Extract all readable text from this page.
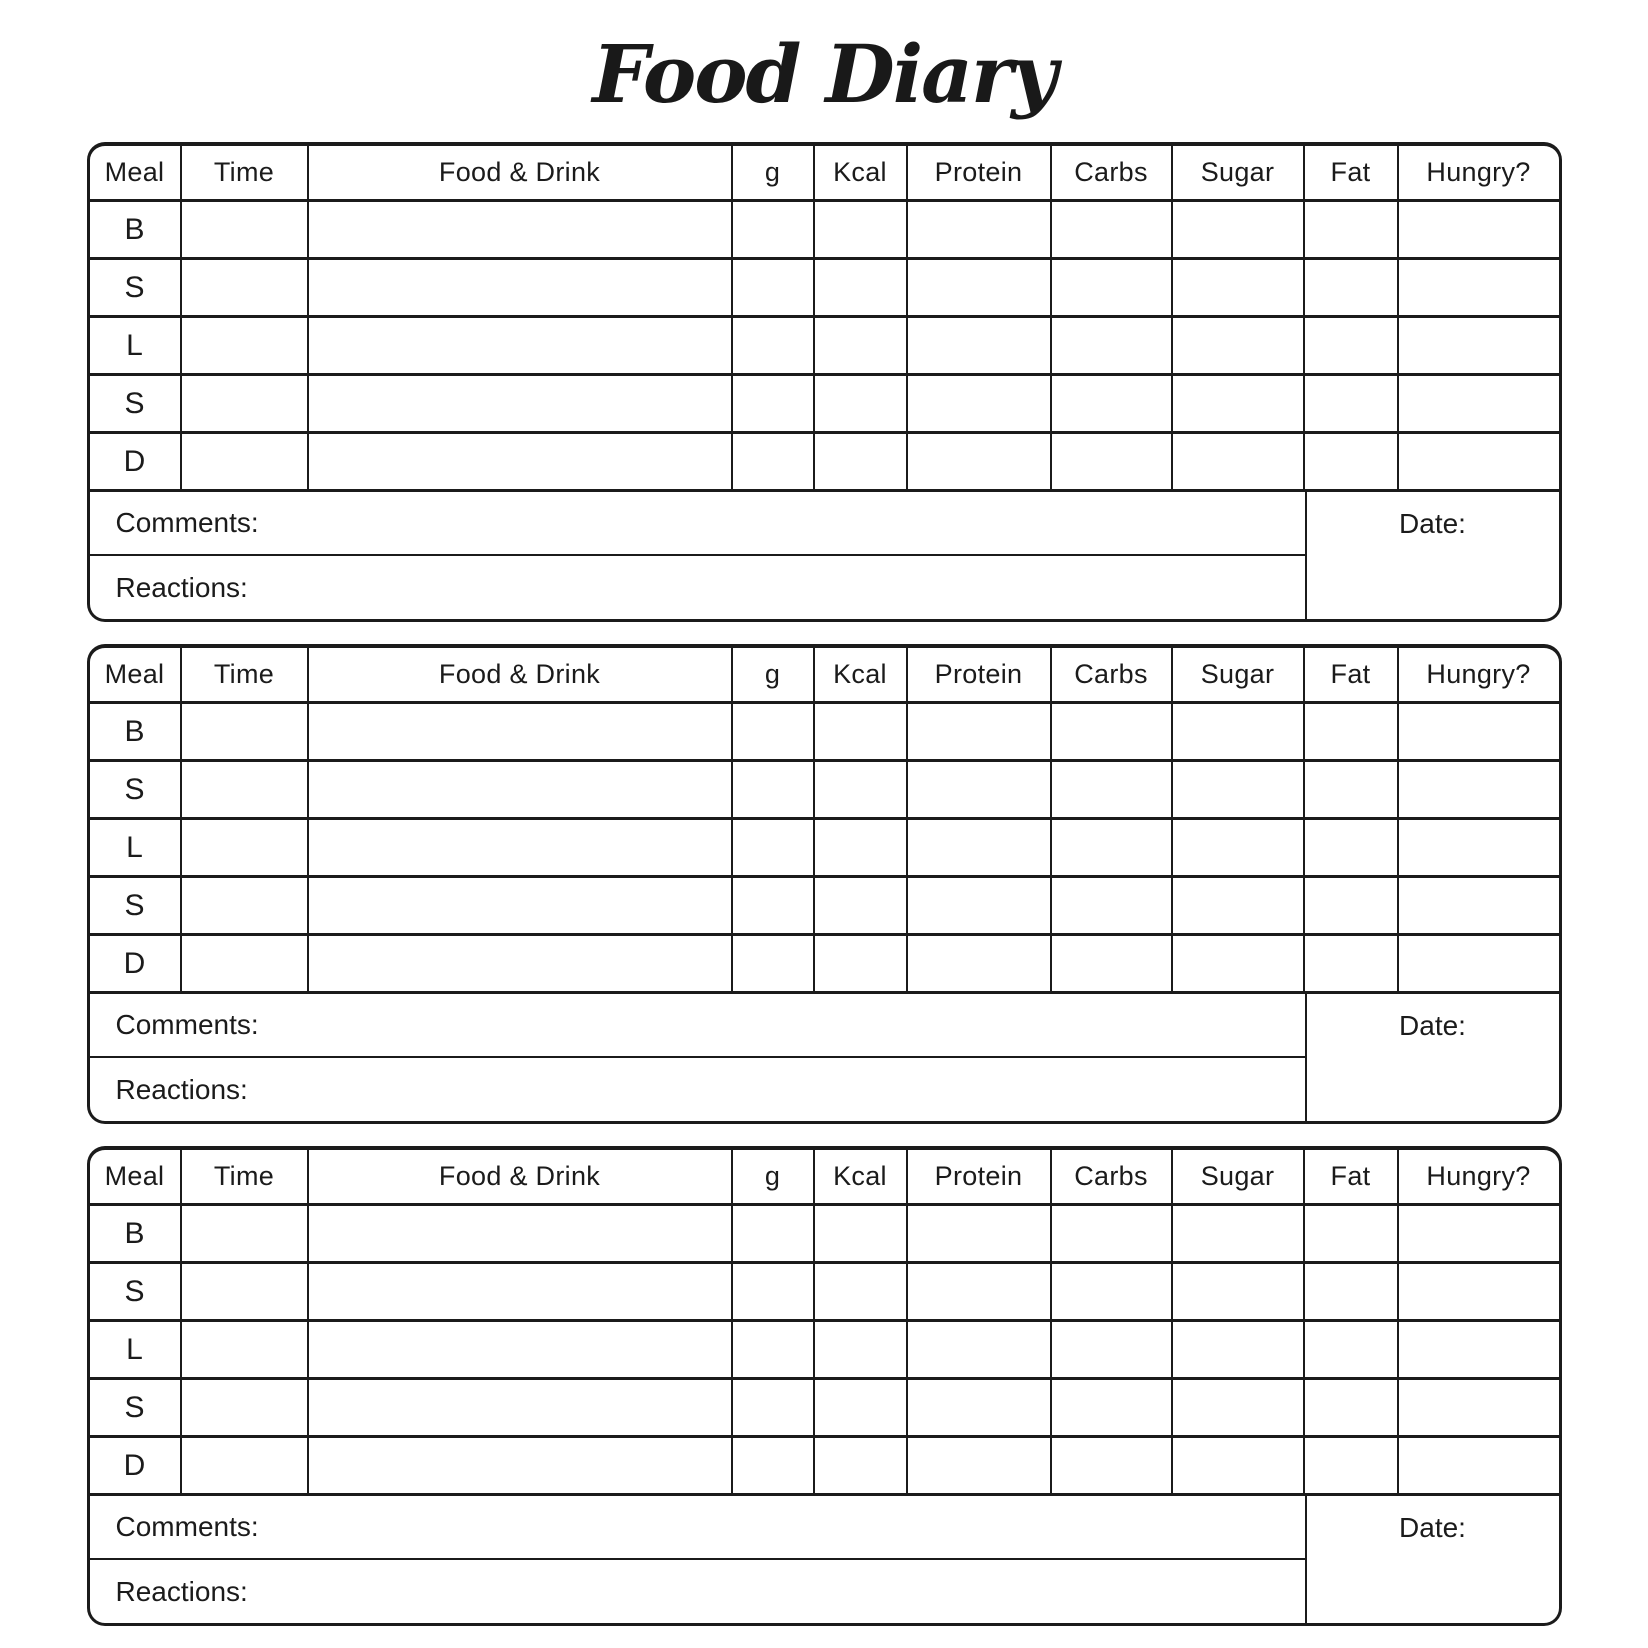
Food Diary
Meal	Time	Food & Drink	g	Kcal	Protein	Carbs	Sugar	Fat	Hungry?
B
S
L
S
D
Comments:
Reactions:
Date:
Meal	Time	Food & Drink	g	Kcal	Protein	Carbs	Sugar	Fat	Hungry?
B
S
L
S
D
Comments:
Reactions:
Date:
Meal	Time	Food & Drink	g	Kcal	Protein	Carbs	Sugar	Fat	Hungry?
B
S
L
S
D
Comments:
Reactions:
Date:
